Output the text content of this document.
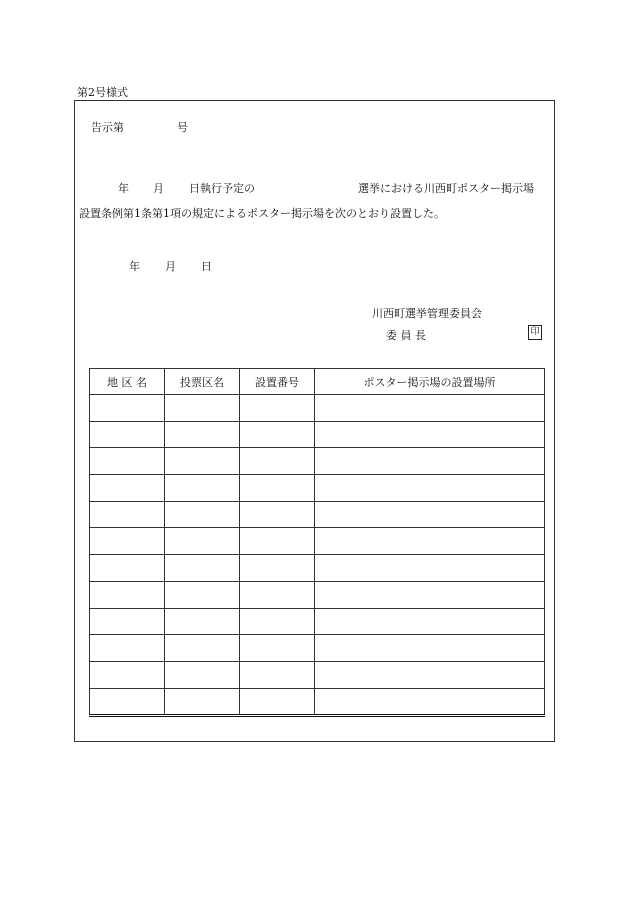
第2号様式
告示第	号
年 月 日執行予定の	選挙における川西町ポスター掲示場
設置条例第1条第1項の規定によるポスター掲示場を次のとおり設置した。
年 月 日
川西町選挙管理委員会
委 員 長	印
地 区 名	投票区名	設置番号	ポスター掲示場の設置場所
